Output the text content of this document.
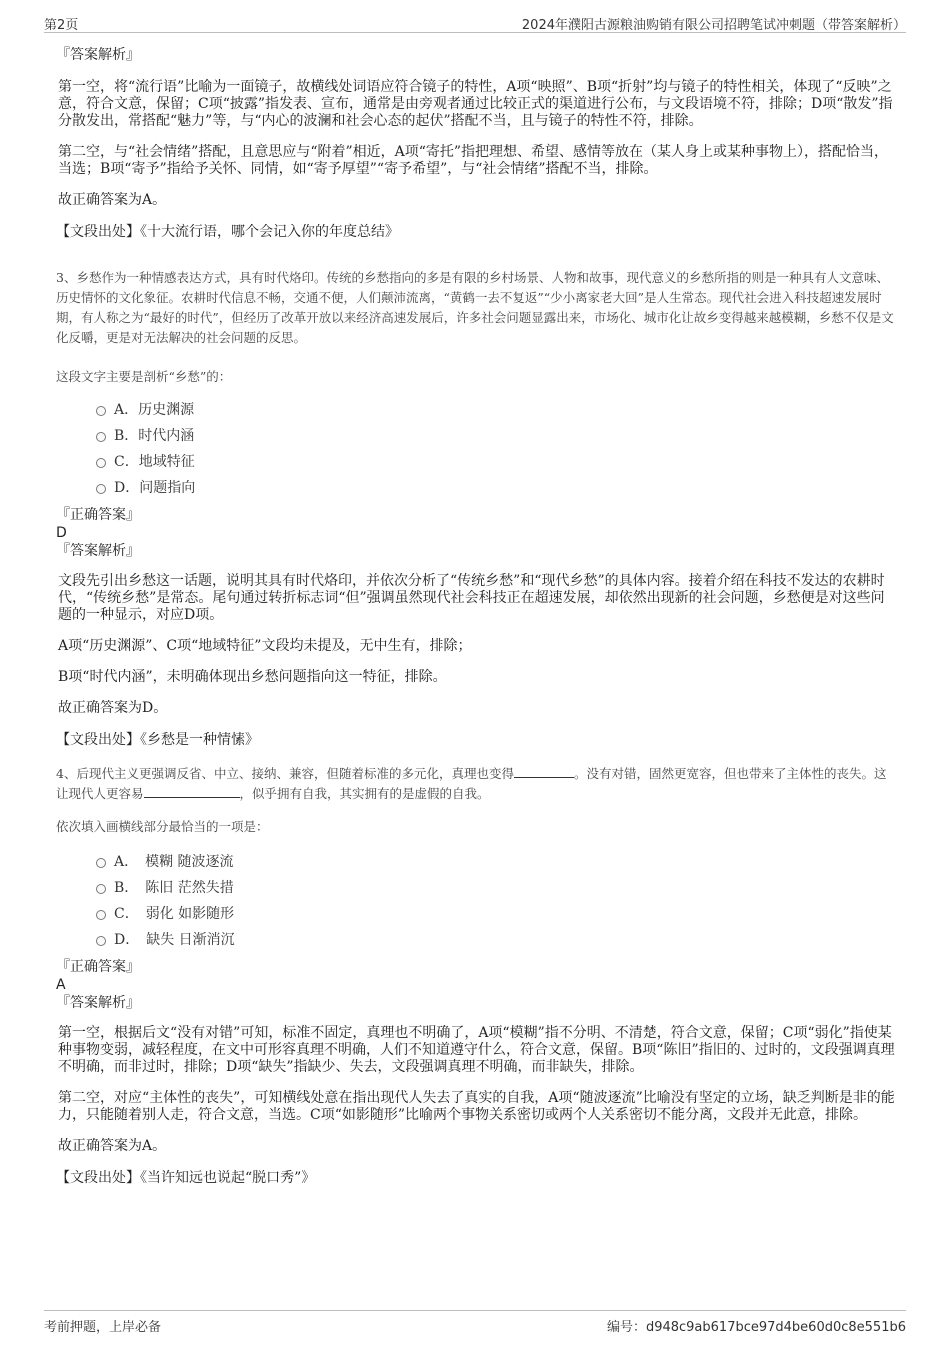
第2页	2024年濮阳古源粮油购销有限公司招聘笔试冲刺题（带答案解析）
『答案解析』

第一空，将“流行语”比喻为一面镜子，故横线处词语应符合镜子的特性，A项“映照”、B项“折射”均与镜子的特性相关，体现了“反映”之意，符合文意，保留；C项“披露”指发表、宣布，通常是由旁观者通过比较正式的渠道进行公布，与文段语境不符，排除；D项“散发”指分散发出，常搭配“魅力”等，与“内心的波澜和社会心态的起伏”搭配不当，且与镜子的特性不符，排除。

第二空，与“社会情绪”搭配，且意思应与“附着”相近，A项“寄托”指把理想、希望、感情等放在（某人身上或某种事物上），搭配恰当，当选；B项“寄予”指给予关怀、同情，如“寄予厚望”“寄予希望”，与“社会情绪”搭配不当，排除。

故正确答案为A。

【文段出处】《十大流行语，哪个会记入你的年度总结》

3、乡愁作为一种情感表达方式，具有时代烙印。传统的乡愁指向的多是有限的乡村场景、人物和故事，现代意义的乡愁所指的则是一种具有人文意味、历史情怀的文化象征。农耕时代信息不畅，交通不便，人们颠沛流离，“黄鹤一去不复返”“少小离家老大回”是人生常态。现代社会进入科技超速发展时期，有人称之为“最好的时代”，但经历了改革开放以来经济高速发展后，许多社会问题显露出来，市场化、城市化让故乡变得越来越模糊，乡愁不仅是文化反嚼，更是对无法解决的社会问题的反思。

这段文字主要是剖析“乡愁”的：

A．历史渊源
B．时代内涵
C．地域特征
D．问题指向
『正确答案』

D

『答案解析』

文段先引出乡愁这一话题，说明其具有时代烙印，并依次分析了“传统乡愁”和“现代乡愁”的具体内容。接着介绍在科技不发达的农耕时代，“传统乡愁”是常态。尾句通过转折标志词“但”强调虽然现代社会科技正在超速发展，却依然出现新的社会问题，乡愁便是对这些问题的一种显示，对应D项。

A项“历史渊源”、C项“地域特征”文段均未提及，无中生有，排除；

B项“时代内涵”，未明确体现出乡愁问题指向这一特征，排除。

故正确答案为D。

【文段出处】《乡愁是一种情愫》

4、后现代主义更强调反省、中立、接纳、兼容，但随着标准的多元化，真理也变得	。没有对错，固然更宽容，但也带来了主体性的丧失。这让现代人更容易	，似乎拥有自我，其实拥有的是虚假的自我。

依次填入画横线部分最恰当的一项是：

A．　模糊 随波逐流
B．　陈旧 茫然失措
C．　弱化 如影随形
D．　缺失 日渐消沉
『正确答案』

A

『答案解析』

第一空，根据后文“没有对错”可知，标准不固定，真理也不明确了，A项“模糊”指不分明、不清楚，符合文意，保留；C项“弱化”指使某种事物变弱，减轻程度，在文中可形容真理不明确，人们不知道遵守什么，符合文意，保留。B项“陈旧”指旧的、过时的，文段强调真理不明确，而非过时，排除；D项“缺失”指缺少、失去，文段强调真理不明确，而非缺失，排除。

第二空，对应“主体性的丧失”，可知横线处意在指出现代人失去了真实的自我，A项“随波逐流”比喻没有坚定的立场，缺乏判断是非的能力，只能随着别人走，符合文意，当选。C项“如影随形”比喻两个事物关系密切或两个人关系密切不能分离，文段并无此意，排除。

故正确答案为A。

【文段出处】《当许知远也说起“脱口秀”》
考前押题，上岸必备	编号：d948c9ab617bce97d4be60d0c8e551b6
